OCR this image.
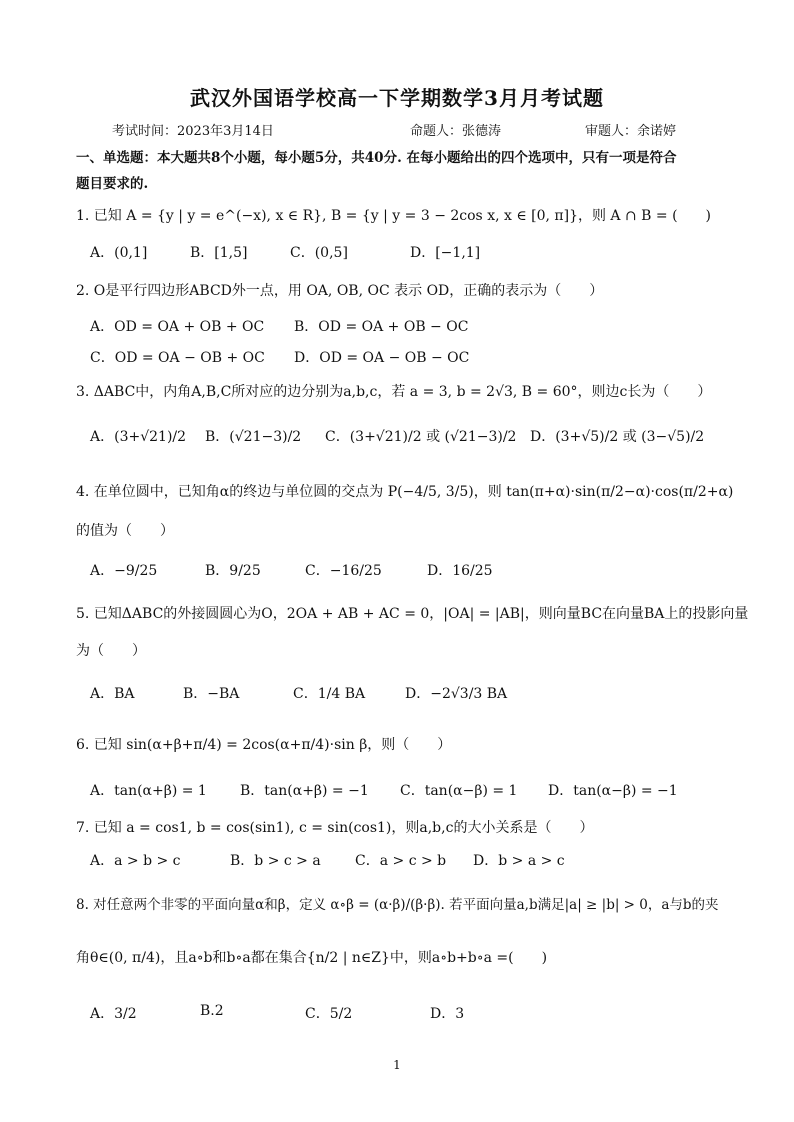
武汉外国语学校高一下学期数学3月月考试题
考试时间：2023年3月14日	命题人：张德涛	审题人：余诺婷
一、单选题：本大题共8个小题，每小题5分，共40分. 在每小题给出的四个选项中，只有一项是符合
题目要求的.
1. 已知 A = {y | y = e^(−x), x ∈ R}, B = {y | y = 3 − 2cos x, x ∈ [0, π]}，则 A ∩ B = (　　)
A．(0,1]	B．[1,5]	C．(0,5]	D．[−1,1]
2. O是平行四边形ABCD外一点，用 OA, OB, OC 表示 OD，正确的表示为（　　）
A．OD = OA + OB + OC B．OD = OA + OB − OC
C．OD = OA − OB + OC D．OD = OA − OB − OC
3. ΔABC中，内角A,B,C所对应的边分别为a,b,c，若 a = 3, b = 2√3, B = 60°，则边c长为（　　）
A．(3+√21)/2 B．(√21−3)/2 C．(3+√21)/2 或 (√21−3)/2 D．(3+√5)/2 或 (3−√5)/2
4. 在单位圆中，已知角α的终边与单位圆的交点为 P(−4/5, 3/5)，则 tan(π+α)·sin(π/2−α)·cos(π/2+α)
的值为（　　）
A．−9/25	B．9/25	C．−16/25	D．16/25
5. 已知ΔABC的外接圆圆心为O，2OA + AB + AC = 0，|OA| = |AB|，则向量BC在向量BA上的投影向量
为（　　）
A．BA	B．−BA	C．1/4 BA	D．−2√3/3 BA
6. 已知 sin(α+β+π/4) = 2cos(α+π/4)·sin β，则（　　）
A．tan(α+β) = 1 B．tan(α+β) = −1 C．tan(α−β) = 1 D．tan(α−β) = −1
7. 已知 a = cos1, b = cos(sin1), c = sin(cos1)，则a,b,c的大小关系是（　　）
A．a > b > c	B．b > c > a C．a > c > b D．b > a > c
8. 对任意两个非零的平面向量α和β，定义 α∘β = (α·β)/(β·β). 若平面向量a,b满足|a| ≥ |b| > 0，a与b的夹
角θ∈(0, π/4)，且a∘b和b∘a都在集合{n/2 | n∈Z}中，则a∘b+b∘a =(　　)
A．3/2	B.2	C．5/2	D．3
1
